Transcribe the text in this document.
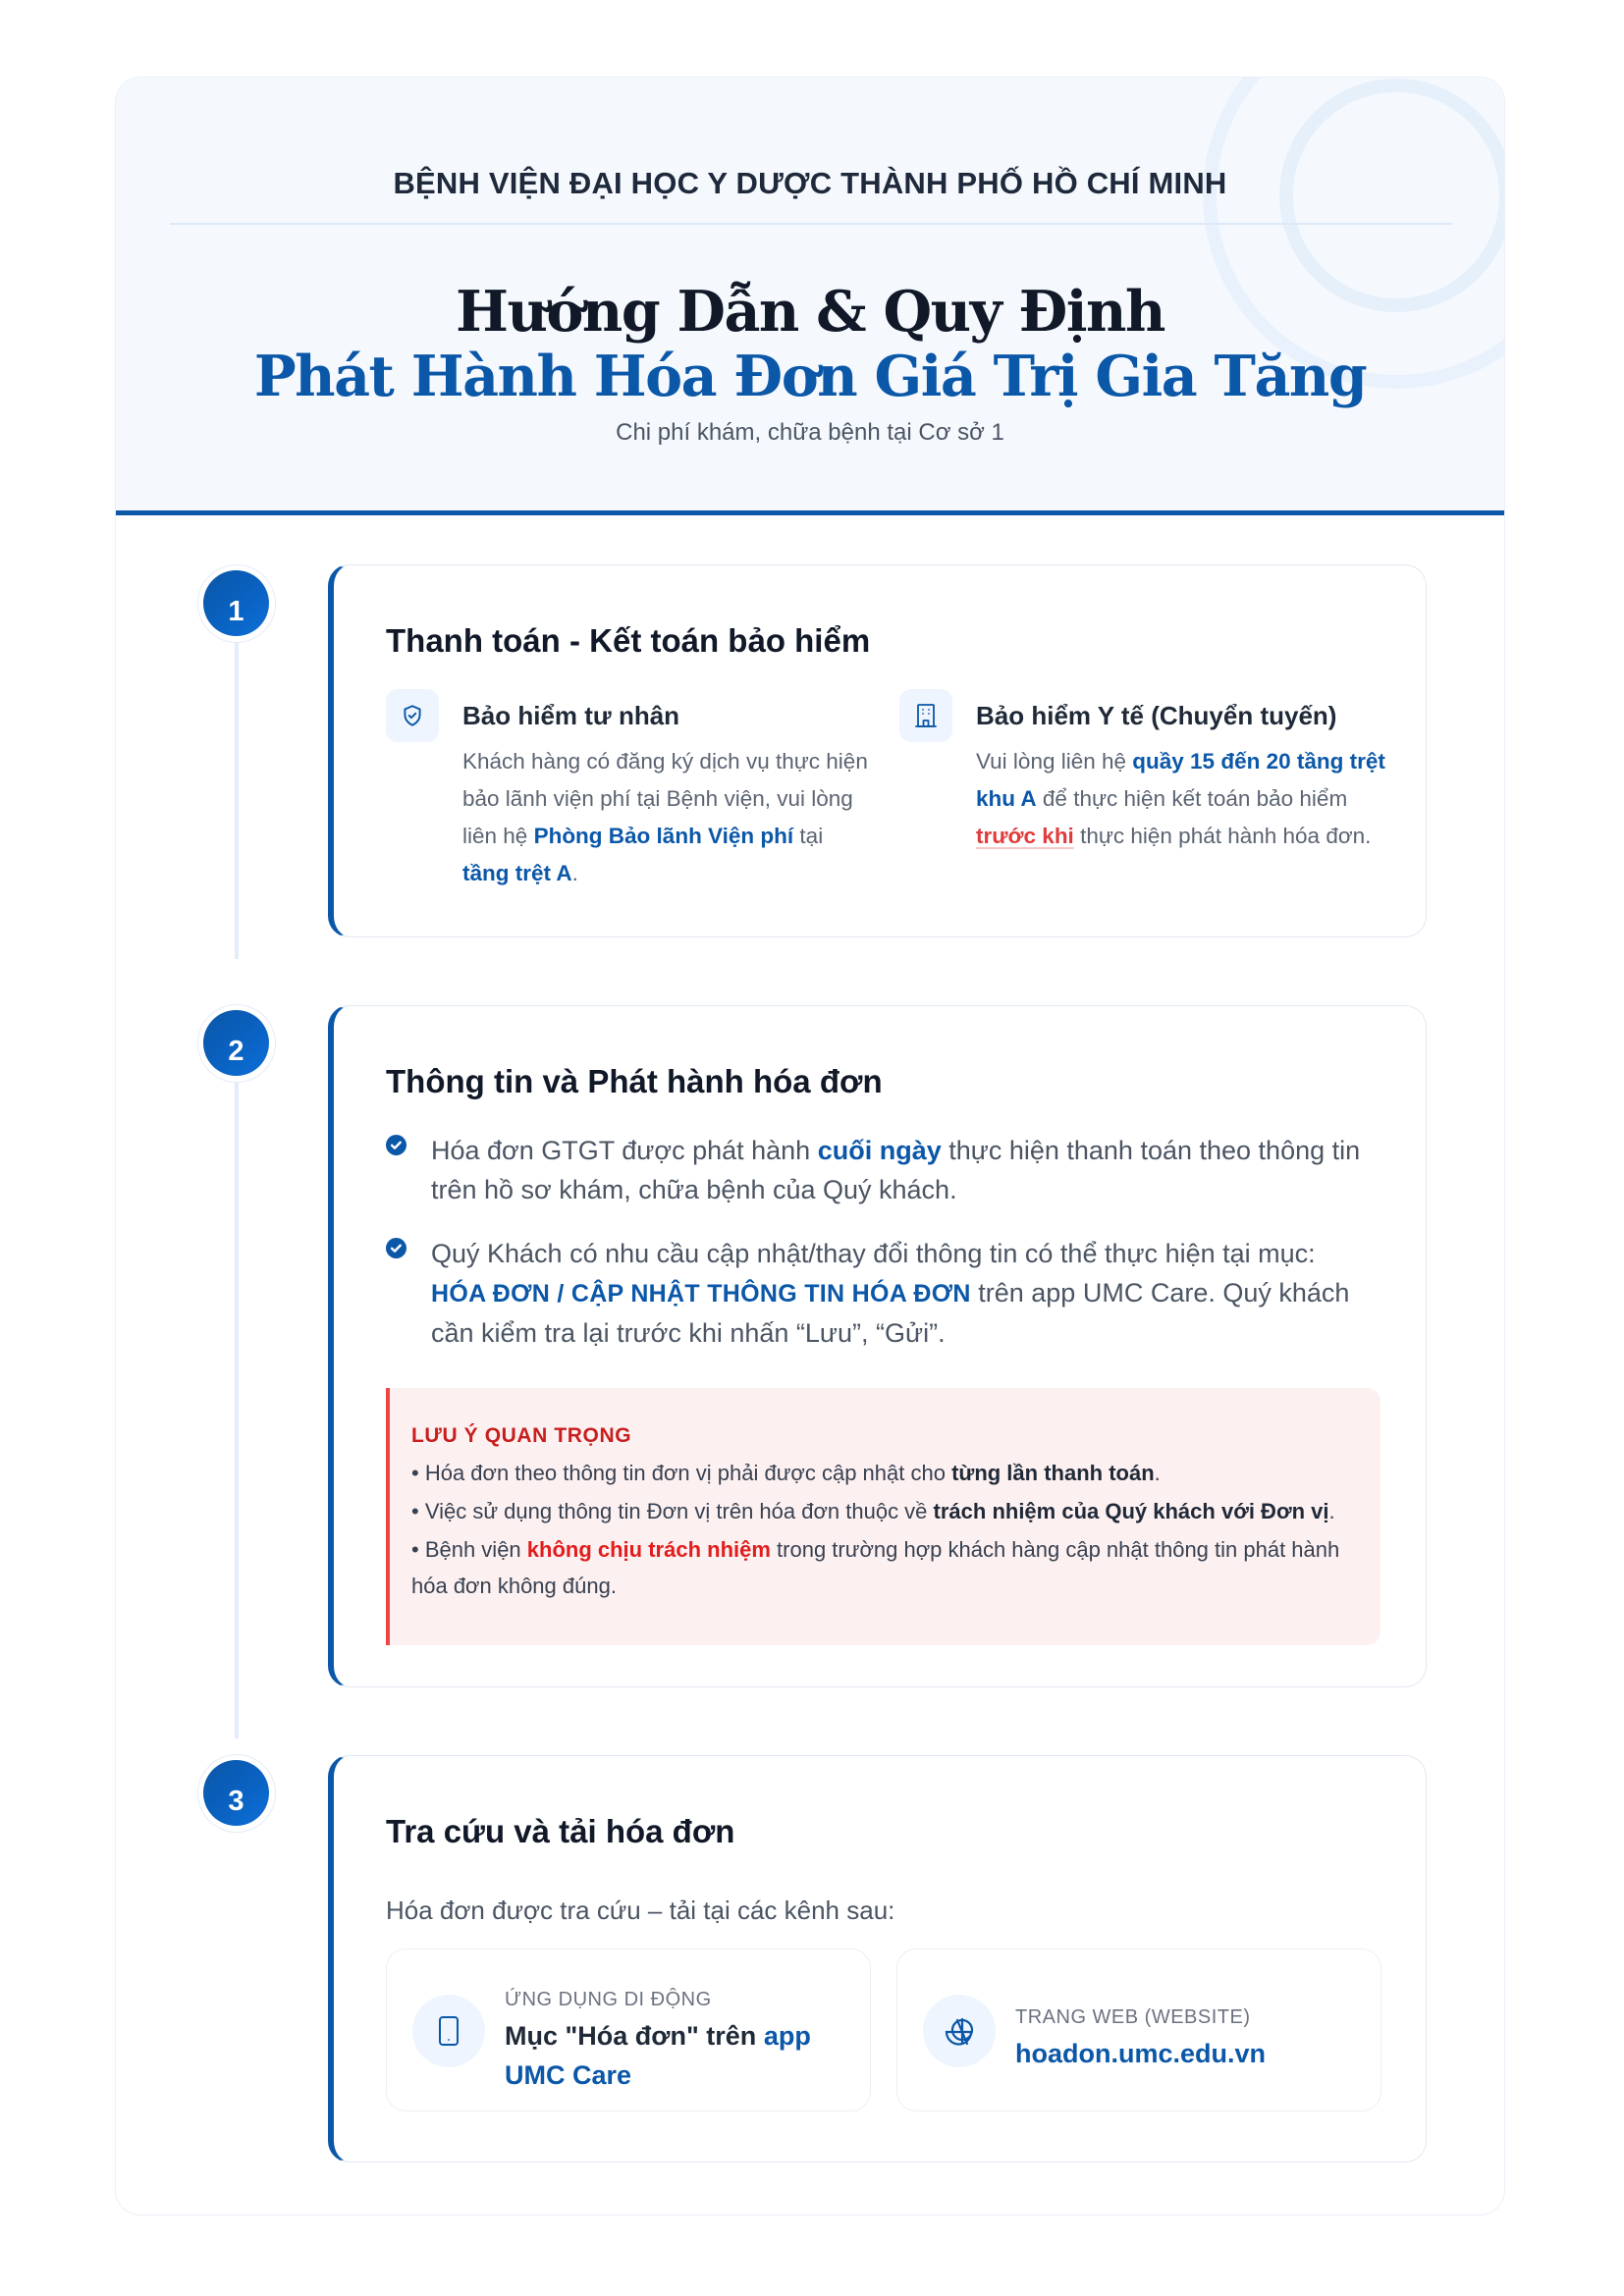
BỆNH VIỆN ĐẠI HỌC Y DƯỢC THÀNH PHỐ HỒ CHÍ MINH
Hướng Dẫn & Quy Định
Phát Hành Hóa Đơn Giá Trị Gia Tăng
Chi phí khám, chữa bệnh tại Cơ sở 1
1
2
3
Thanh toán - Kết toán bảo hiểm
Bảo hiểm tư nhân
Khách hàng có đăng ký dịch vụ thực hiện bảo lãnh viện phí tại Bệnh viện, vui lòng liên hệ Phòng Bảo lãnh Viện phí tại tầng trệt A.
Bảo hiểm Y tế (Chuyển tuyến)
Vui lòng liên hệ quầy 15 đến 20 tầng trệt khu A để thực hiện kết toán bảo hiểm trước khi thực hiện phát hành hóa đơn.
Thông tin và Phát hành hóa đơn
Hóa đơn GTGT được phát hành cuối ngày thực hiện thanh toán theo thông tin trên hồ sơ khám, chữa bệnh của Quý khách.
Quý Khách có nhu cầu cập nhật/thay đổi thông tin có thể thực hiện tại mục: HÓA ĐƠN / CẬP NHẬT THÔNG TIN HÓA ĐƠN trên app UMC Care. Quý khách cần kiểm tra lại trước khi nhấn “Lưu”, “Gửi”.
LƯU Ý QUAN TRỌNG
• Hóa đơn theo thông tin đơn vị phải được cập nhật cho từng lần thanh toán.
• Việc sử dụng thông tin Đơn vị trên hóa đơn thuộc về trách nhiệm của Quý khách với Đơn vị.
• Bệnh viện không chịu trách nhiệm trong trường hợp khách hàng cập nhật thông tin phát hành hóa đơn không đúng.
Tra cứu và tải hóa đơn
Hóa đơn được tra cứu – tải tại các kênh sau:
ỨNG DỤNG DI ĐỘNG
Mục "Hóa đơn" trên app UMC Care
TRANG WEB (WEBSITE)
hoadon.umc.edu.vn
